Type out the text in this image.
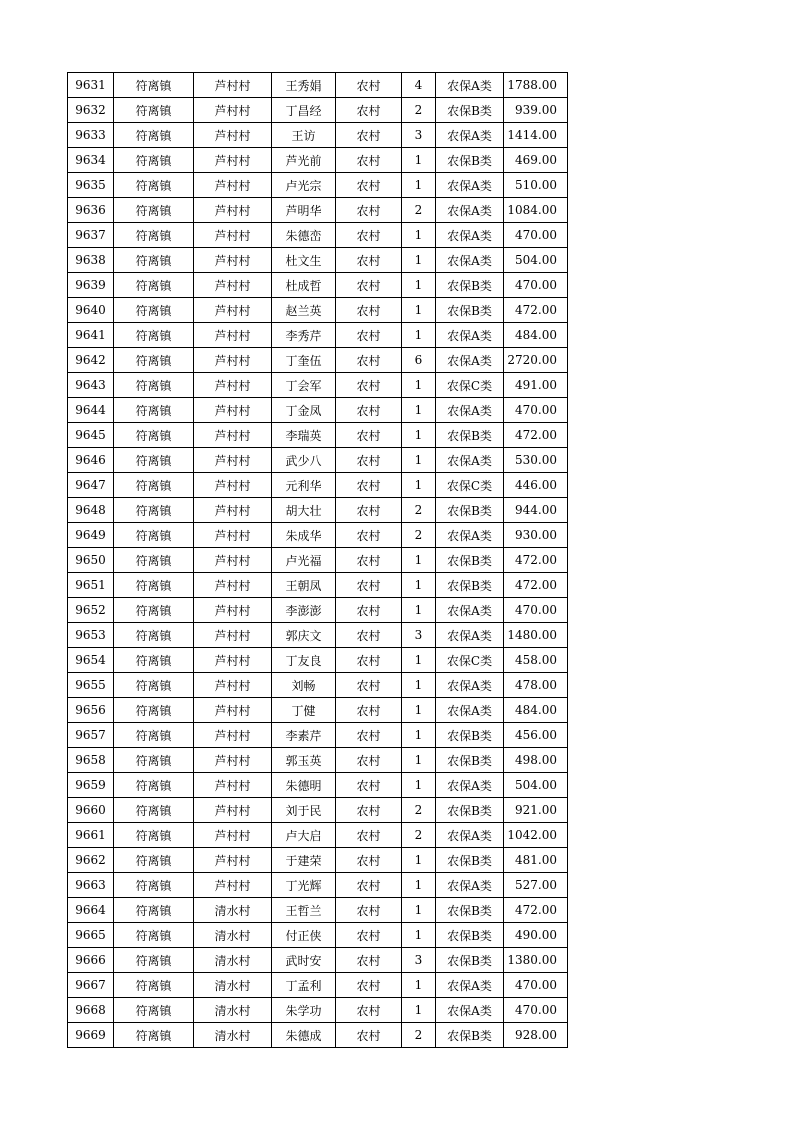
9631	符离镇	芦村村	王秀娟	农村	4	农保A类	1788.00
9632	符离镇	芦村村	丁昌经	农村	2	农保B类	939.00
9633	符离镇	芦村村	王访	农村	3	农保A类	1414.00
9634	符离镇	芦村村	芦光前	农村	1	农保B类	469.00
9635	符离镇	芦村村	卢光宗	农村	1	农保A类	510.00
9636	符离镇	芦村村	芦明华	农村	2	农保A类	1084.00
9637	符离镇	芦村村	朱德峦	农村	1	农保A类	470.00
9638	符离镇	芦村村	杜文生	农村	1	农保A类	504.00
9639	符离镇	芦村村	杜成哲	农村	1	农保B类	470.00
9640	符离镇	芦村村	赵兰英	农村	1	农保B类	472.00
9641	符离镇	芦村村	李秀芹	农村	1	农保A类	484.00
9642	符离镇	芦村村	丁奎伍	农村	6	农保A类	2720.00
9643	符离镇	芦村村	丁会军	农村	1	农保C类	491.00
9644	符离镇	芦村村	丁金凤	农村	1	农保A类	470.00
9645	符离镇	芦村村	李瑞英	农村	1	农保B类	472.00
9646	符离镇	芦村村	武少八	农村	1	农保A类	530.00
9647	符离镇	芦村村	元利华	农村	1	农保C类	446.00
9648	符离镇	芦村村	胡大壮	农村	2	农保B类	944.00
9649	符离镇	芦村村	朱成华	农村	2	农保A类	930.00
9650	符离镇	芦村村	卢光福	农村	1	农保B类	472.00
9651	符离镇	芦村村	王朝凤	农村	1	农保B类	472.00
9652	符离镇	芦村村	李澎澎	农村	1	农保A类	470.00
9653	符离镇	芦村村	郭庆文	农村	3	农保A类	1480.00
9654	符离镇	芦村村	丁友良	农村	1	农保C类	458.00
9655	符离镇	芦村村	刘畅	农村	1	农保A类	478.00
9656	符离镇	芦村村	丁健	农村	1	农保A类	484.00
9657	符离镇	芦村村	李素芹	农村	1	农保B类	456.00
9658	符离镇	芦村村	郭玉英	农村	1	农保B类	498.00
9659	符离镇	芦村村	朱德明	农村	1	农保A类	504.00
9660	符离镇	芦村村	刘于民	农村	2	农保B类	921.00
9661	符离镇	芦村村	卢大启	农村	2	农保A类	1042.00
9662	符离镇	芦村村	于建荣	农村	1	农保B类	481.00
9663	符离镇	芦村村	丁光辉	农村	1	农保A类	527.00
9664	符离镇	清水村	王哲兰	农村	1	农保B类	472.00
9665	符离镇	清水村	付正侠	农村	1	农保B类	490.00
9666	符离镇	清水村	武时安	农村	3	农保B类	1380.00
9667	符离镇	清水村	丁孟利	农村	1	农保A类	470.00
9668	符离镇	清水村	朱学功	农村	1	农保A类	470.00
9669	符离镇	清水村	朱德成	农村	2	农保B类	928.00
